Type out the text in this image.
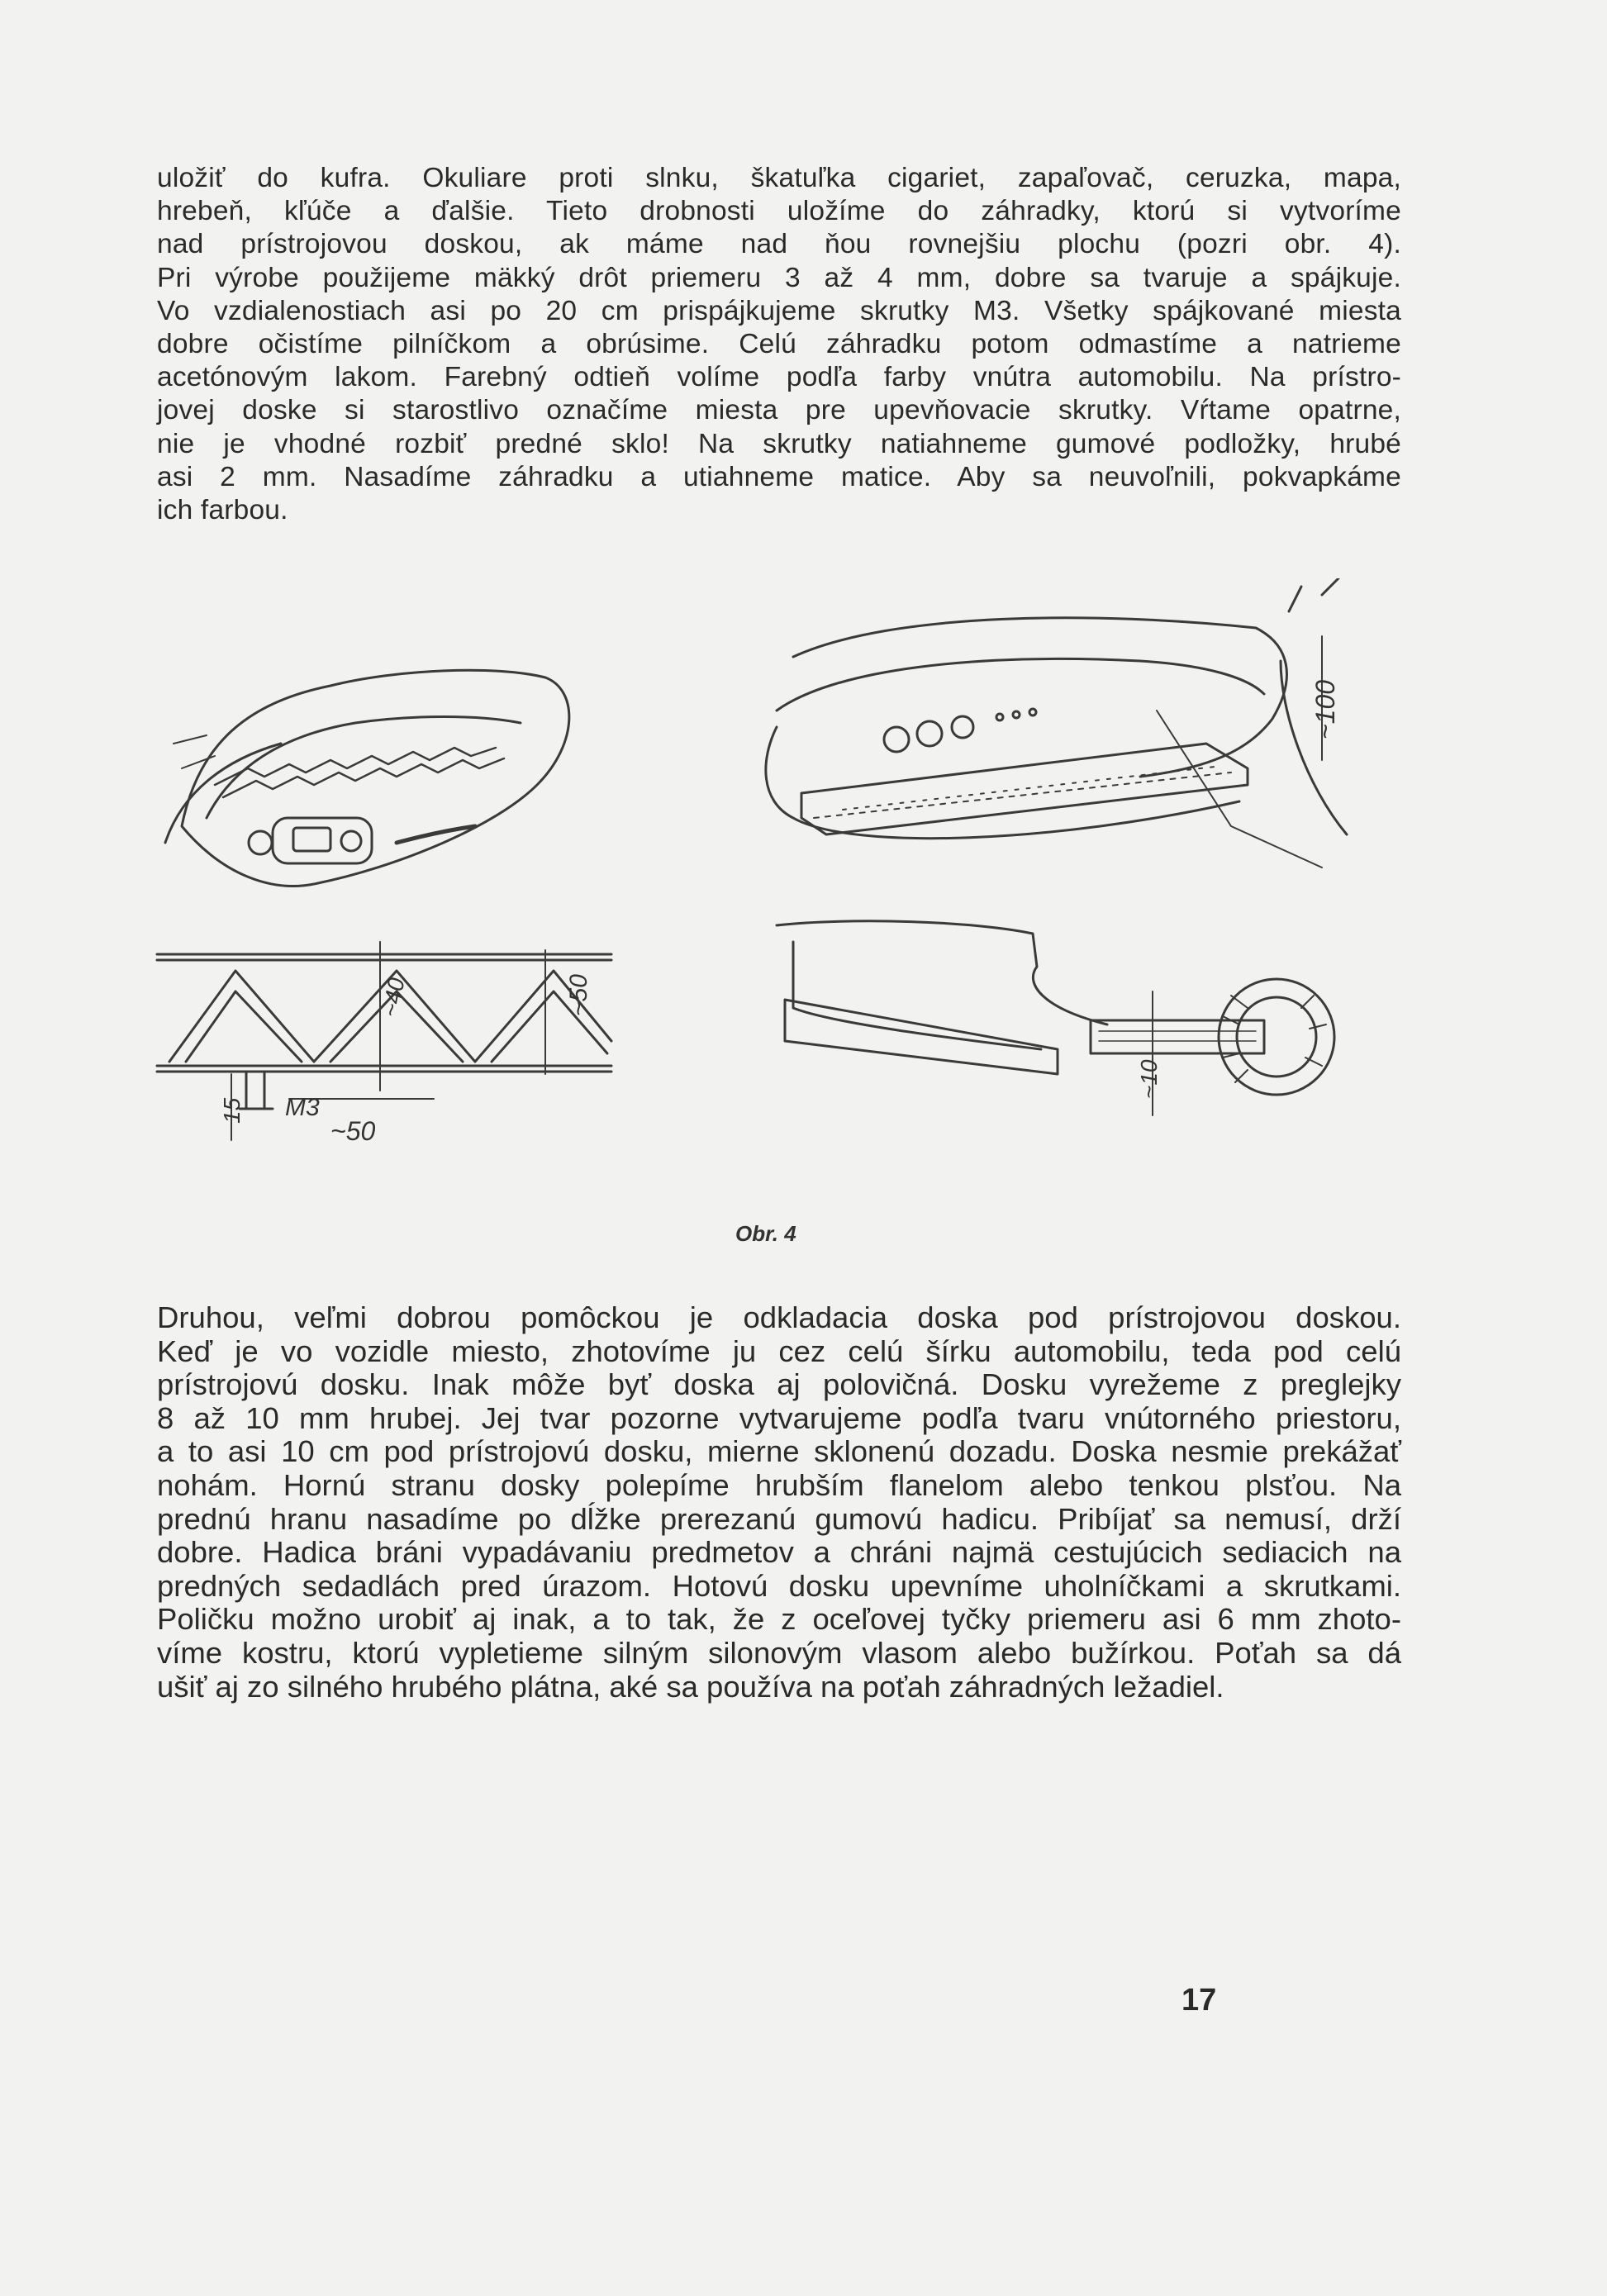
uložiť do kufra. Okuliare proti slnku, škatuľka cigariet, zapaľovač, ceruzka, mapa,
hrebeň, kľúče a ďalšie. Tieto drobnosti uložíme do záhradky, ktorú si vytvoríme
nad prístrojovou doskou, ak máme nad ňou rovnejšiu plochu (pozri obr. 4).
Pri výrobe použijeme mäkký drôt priemeru 3 až 4 mm, dobre sa tvaruje a spájkuje.
Vo vzdialenostiach asi po 20 cm prispájkujeme skrutky M3. Všetky spájkované miesta
dobre očistíme pilníčkom a obrúsime. Celú záhradku potom odmastíme a natrieme
acetónovým lakom. Farebný odtieň volíme podľa farby vnútra automobilu. Na prístro-
jovej doske si starostlivo označíme miesta pre upevňovacie skrutky. Vŕtame opatrne,
nie je vhodné rozbiť predné sklo! Na skrutky natiahneme gumové podložky, hrubé
asi 2 mm. Nasadíme záhradku a utiahneme matice. Aby sa neuvoľnili, pokvapkáme
ich farbou.

~40	~50
M3
15
~50
~100
~10
Obr. 4

Druhou, veľmi dobrou pomôckou je odkladacia doska pod prístrojovou doskou.
Keď je vo vozidle miesto, zhotovíme ju cez celú šírku automobilu, teda pod celú
prístrojovú dosku. Inak môže byť doska aj polovičná. Dosku vyrežeme z preglejky
8 až 10 mm hrubej. Jej tvar pozorne vytvarujeme podľa tvaru vnútorného priestoru,
a to asi 10 cm pod prístrojovú dosku, mierne sklonenú dozadu. Doska nesmie prekážať
nohám. Hornú stranu dosky polepíme hrubším flanelom alebo tenkou plsťou. Na
prednú hranu nasadíme po dĺžke prerezanú gumovú hadicu. Pribíjať sa nemusí, drží
dobre. Hadica bráni vypadávaniu predmetov a chráni najmä cestujúcich sediacich na
predných sedadlách pred úrazom. Hotovú dosku upevníme uholníčkami a skrutkami.
Poličku možno urobiť aj inak, a to tak, že z oceľovej tyčky priemeru asi 6 mm zhoto-
víme kostru, ktorú vypletieme silným silonovým vlasom alebo bužírkou. Poťah sa dá
ušiť aj zo silného hrubého plátna, aké sa používa na poťah záhradných ležadiel.

17
